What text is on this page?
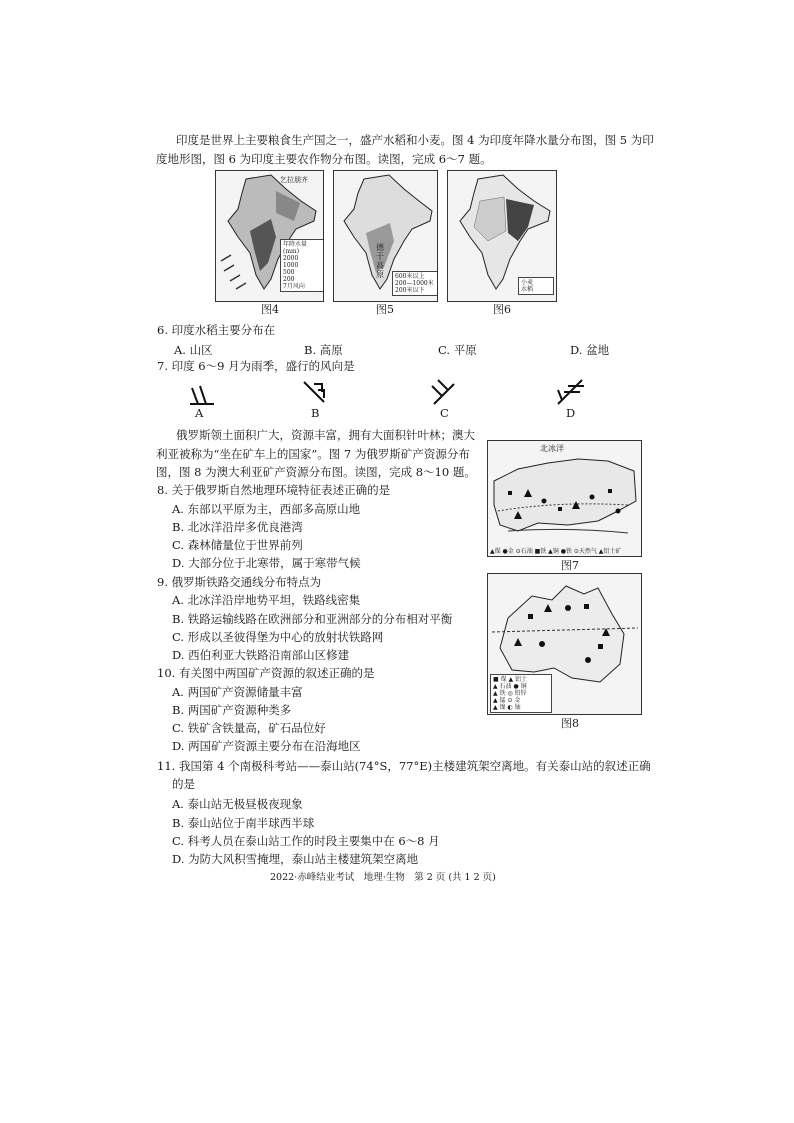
印度是世界上主要粮食生产国之一，盛产水稻和小麦。图 4 为印度年降水量分布图，图 5 为印
度地形图，图 6 为印度主要农作物分布图。读图，完成 6～7 题。
乞拉朋齐
年降水量(mm)
2000
1000
500
200
7月风向
图4
德干高原	600米以上
200—1000米
200米以下
图5
小麦
水稻
图6
6. 印度水稻主要分布在
A. 山区	B. 高原	C. 平原	D. 盆地
7. 印度 6～9 月为雨季，盛行的风向是
A	B	C	D
俄罗斯领土面积广大，资源丰富，拥有大面积针叶林；澳大
利亚被称为“坐在矿车上的国家”。图 7 为俄罗斯矿产资源分布
图，图 8 为澳大利亚矿产资源分布图。读图，完成 8～10 题。
北冰洋
▲煤 ●金 ⊙石油 ■铁 ▲铜 ●铁 ⊙天然气 ▲铝土矿
图7
8. 关于俄罗斯自然地理环境特征表述正确的是
A. 东部以平原为主，西部多高原山地
B. 北冰洋沿岸多优良港湾
C. 森林储量位于世界前列
D. 大部分位于北寒带，属于寒带气候
9. 俄罗斯铁路交通线分布特点为
A. 北冰洋沿岸地势平坦，铁路线密集
B. 铁路运输线路在欧洲部分和亚洲部分的分布相对平衡
C. 形成以圣彼得堡为中心的放射状铁路网
D. 西伯利亚大铁路沿南部山区修建
■ 煤 ▲ 铝土
▲ 石油 ● 铜
▲ 铁 ◎ 铅锌
▲ 锰 ⊙ 金
▲ 镍 ◐ 铀
图8
10. 有关图中两国矿产资源的叙述正确的是
A. 两国矿产资源储量丰富
B. 两国矿产资源种类多
C. 铁矿含铁量高，矿石品位好
D. 两国矿产资源主要分布在沿海地区
11. 我国第 4 个南极科考站——泰山站(74°S，77°E)主楼建筑架空离地。有关泰山站的叙述正确
的是
A. 泰山站无极昼极夜现象
B. 泰山站位于南半球西半球
C. 科考人员在泰山站工作的时段主要集中在 6～8 月
D. 为防大风积雪掩埋，泰山站主楼建筑架空离地
2022·赤峰结业考试　地理·生物　第 2 页 (共 1 2 页)
